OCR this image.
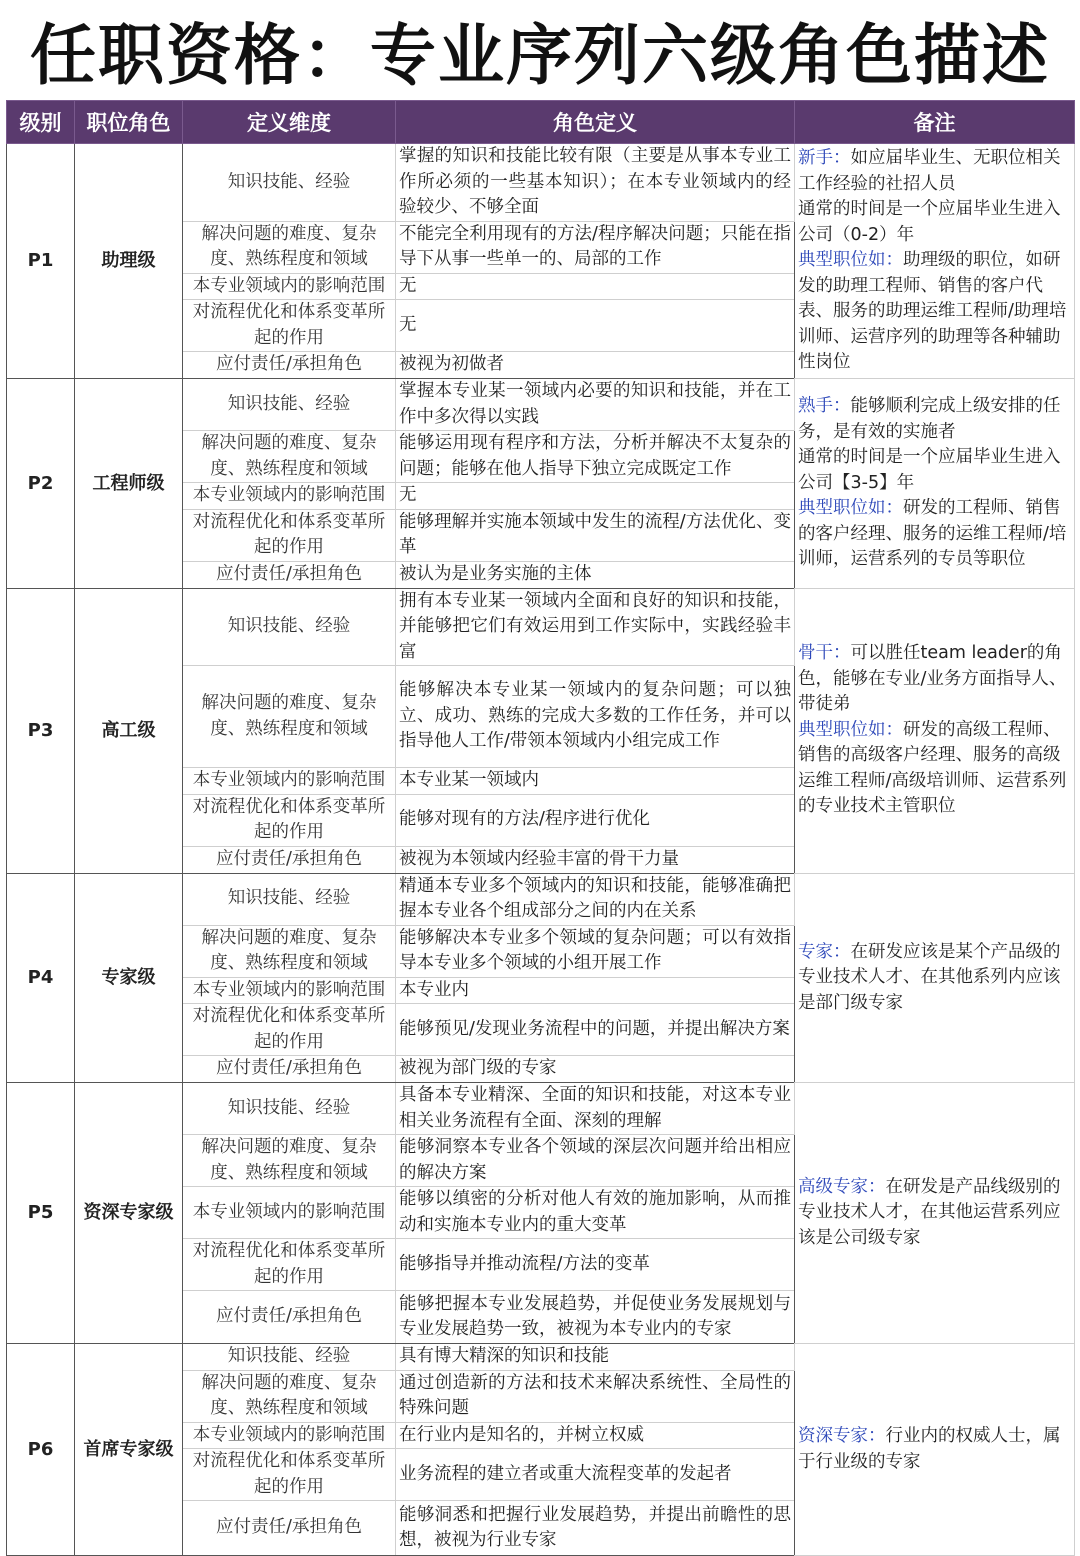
任职资格：专业序列六级角色描述
级别	职位角色	定义维度	角色定义	备注
P1	助理级	知识技能、经验	掌握的知识和技能比较有限（主要是从事本专业工作所必须的一些基本知识）；在本专业领域内的经验较少、不够全面	新手：如应届毕业生、无职位相关工作经验的社招人员
通常的时间是一个应届毕业生进入公司（0-2）年
典型职位如：助理级的职位，如研发的助理工程师、销售的客户代表、服务的助理运维工程师/助理培训师、运营序列的助理等各种辅助性岗位
		解决问题的难度、复杂度、熟练程度和领域	不能完全利用现有的方法/程序解决问题；只能在指导下从事一些单一的、局部的工作	
		本专业领域内的影响范围	无	
		对流程优化和体系变革所起的作用	无	
		应付责任/承担角色	被视为初做者	
P2	工程师级	知识技能、经验	掌握本专业某一领域内必要的知识和技能，并在工作中多次得以实践	熟手：能够顺利完成上级安排的任务，是有效的实施者
通常的时间是一个应届毕业生进入公司【3-5】年
典型职位如：研发的工程师、销售的客户经理、服务的运维工程师/培训师，运营系列的专员等职位
		解决问题的难度、复杂度、熟练程度和领域	能够运用现有程序和方法，分析并解决不太复杂的问题；能够在他人指导下独立完成既定工作	
		本专业领域内的影响范围	无	
		对流程优化和体系变革所起的作用	能够理解并实施本领域中发生的流程/方法优化、变革	
		应付责任/承担角色	被认为是业务实施的主体	
P3	高工级	知识技能、经验	拥有本专业某一领域内全面和良好的知识和技能，并能够把它们有效运用到工作实际中，实践经验丰富	骨干：可以胜任team leader的角色，能够在专业/业务方面指导人、带徒弟
典型职位如：研发的高级工程师、销售的高级客户经理、服务的高级运维工程师/高级培训师、运营系列的专业技术主管职位
		解决问题的难度、复杂度、熟练程度和领域	能够解决本专业某一领域内的复杂问题；可以独立、成功、熟练的完成大多数的工作任务，并可以指导他人工作/带领本领域内小组完成工作	
		本专业领域内的影响范围	本专业某一领域内	
		对流程优化和体系变革所起的作用	能够对现有的方法/程序进行优化	
		应付责任/承担角色	被视为本领域内经验丰富的骨干力量	
P4	专家级	知识技能、经验	精通本专业多个领域内的知识和技能，能够准确把握本专业各个组成部分之间的内在关系	专家：在研发应该是某个产品级的专业技术人才、在其他系列内应该是部门级专家
		解决问题的难度、复杂度、熟练程度和领域	能够解决本专业多个领域的复杂问题；可以有效指导本专业多个领域的小组开展工作	
		本专业领域内的影响范围	本专业内	
		对流程优化和体系变革所起的作用	能够预见/发现业务流程中的问题，并提出解决方案	
		应付责任/承担角色	被视为部门级的专家	
P5	资深专家级	知识技能、经验	具备本专业精深、全面的知识和技能，对这本专业相关业务流程有全面、深刻的理解	高级专家：在研发是产品线级别的专业技术人才，在其他运营系列应该是公司级专家
		解决问题的难度、复杂度、熟练程度和领域	能够洞察本专业各个领域的深层次问题并给出相应的解决方案	
		本专业领域内的影响范围	能够以缜密的分析对他人有效的施加影响，从而推动和实施本专业内的重大变革	
		对流程优化和体系变革所起的作用	能够指导并推动流程/方法的变革	
		应付责任/承担角色	能够把握本专业发展趋势，并促使业务发展规划与专业发展趋势一致，被视为本专业内的专家	
P6	首席专家级	知识技能、经验	具有博大精深的知识和技能	资深专家：行业内的权威人士，属于行业级的专家
		解决问题的难度、复杂度、熟练程度和领域	通过创造新的方法和技术来解决系统性、全局性的特殊问题	
		本专业领域内的影响范围	在行业内是知名的，并树立权威	
		对流程优化和体系变革所起的作用	业务流程的建立者或重大流程变革的发起者	
		应付责任/承担角色	能够洞悉和把握行业发展趋势，并提出前瞻性的思想，被视为行业专家	
